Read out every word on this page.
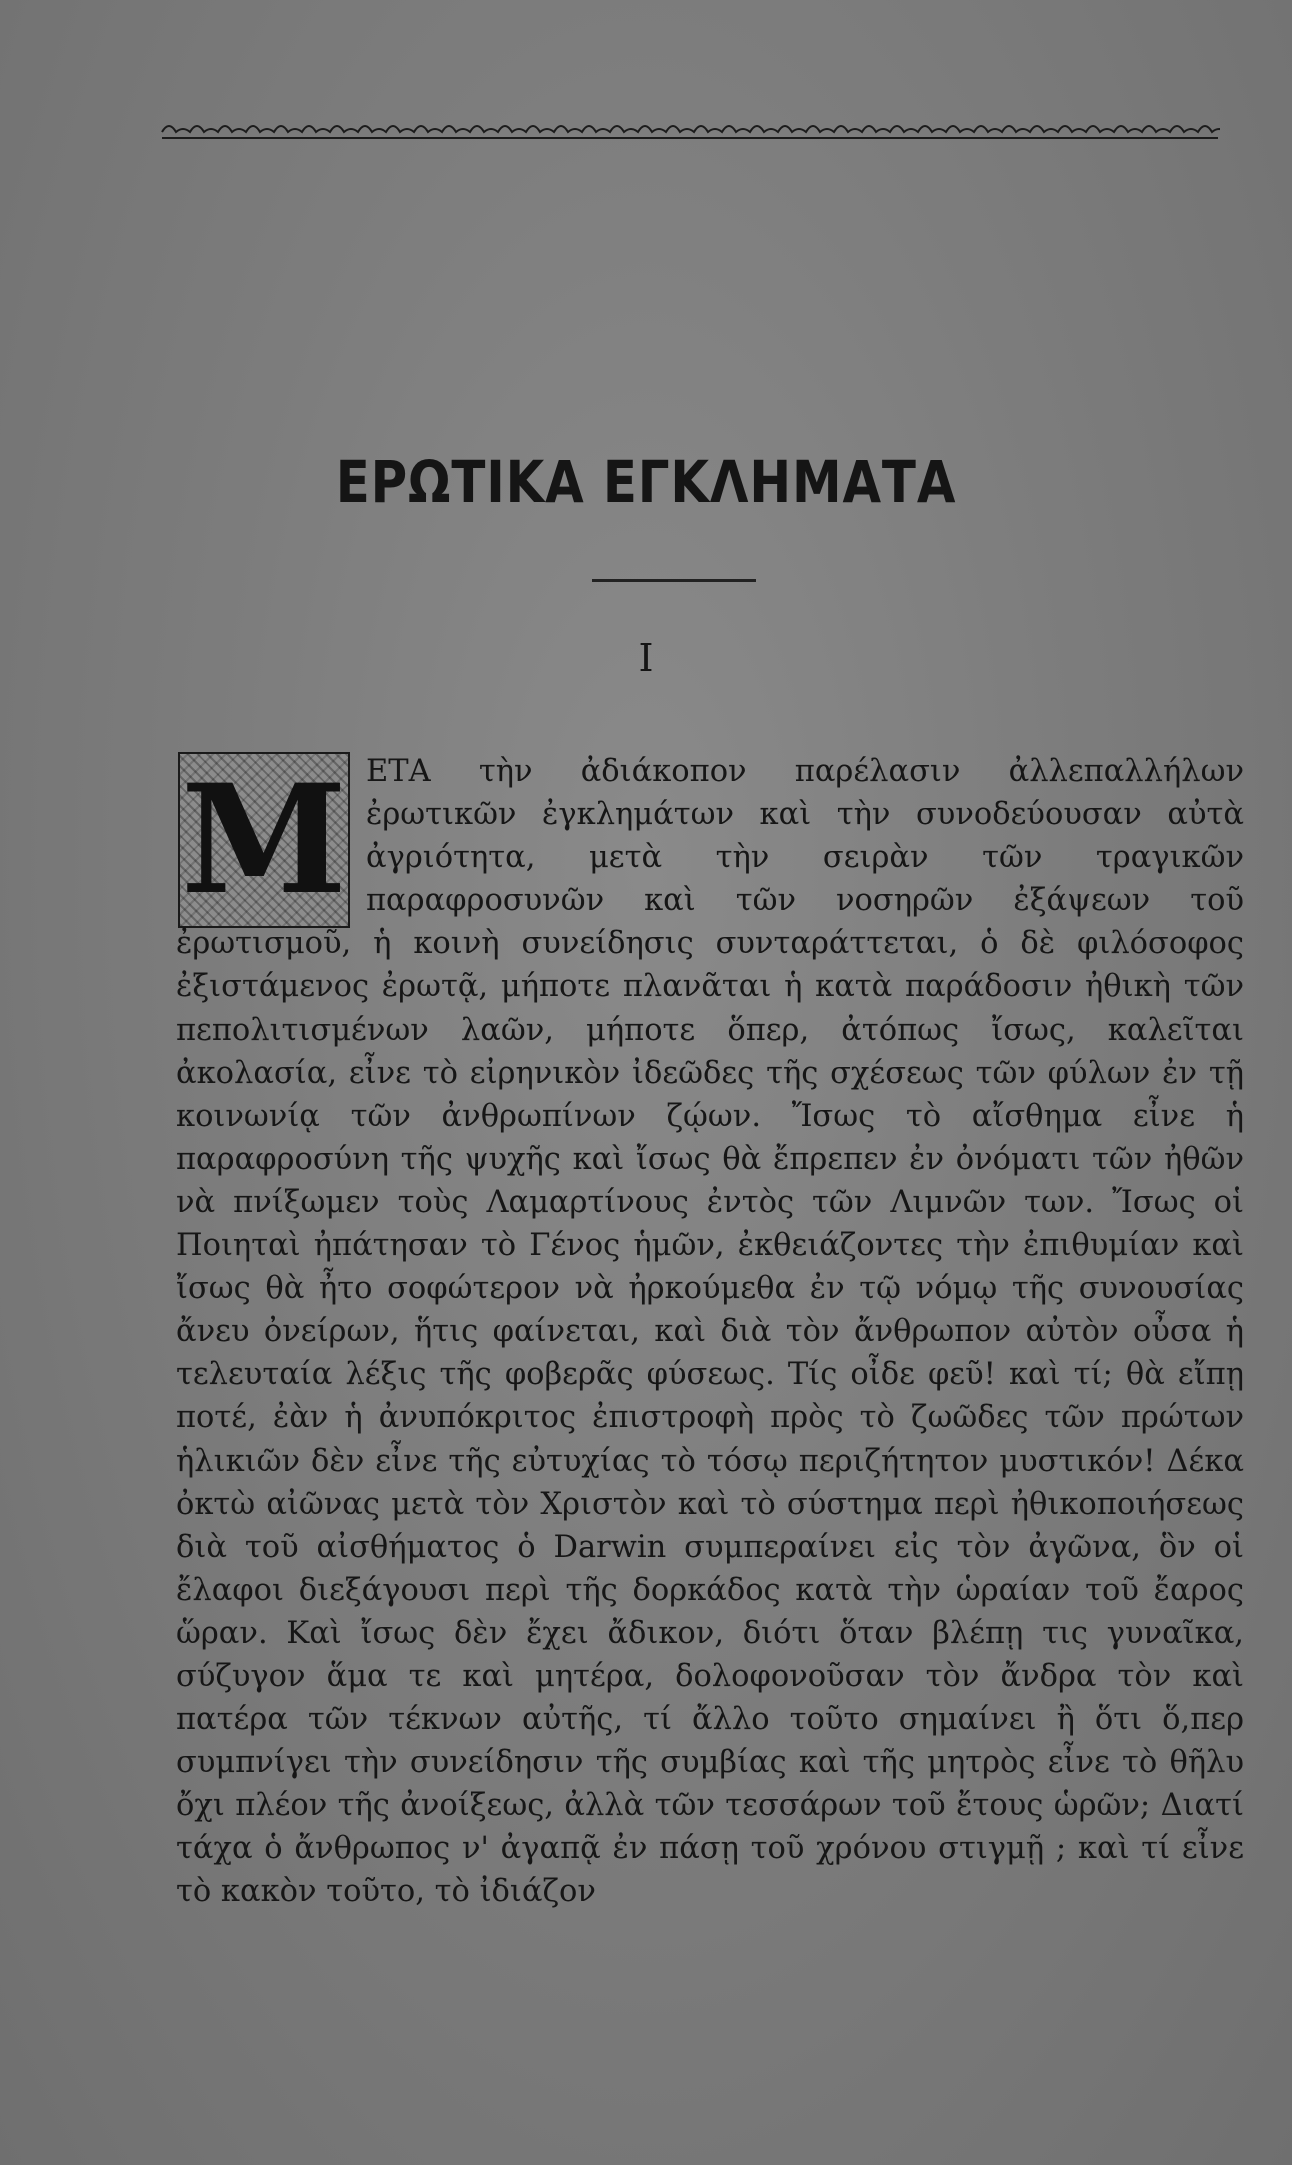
ΕΡΩΤΙΚΑ ΕΓΚΛΗΜΑΤΑ
Ι
Μ ΕΤΑ τὴν ἀδιάκοπον παρέλασιν ἀλλεπαλλήλων ἐρωτικῶν ἐγκλημάτων καὶ τὴν συνοδεύουσαν αὐτὰ ἀγριότητα, μετὰ τὴν σειρὰν τῶν τραγικῶν παραφροσυνῶν καὶ τῶν νοσηρῶν ἐξάψεων τοῦ ἐρωτισμοῦ, ἡ κοινὴ συνείδησις συνταράττεται, ὁ δὲ φιλόσοφος ἐξιστάμενος ἐρωτᾷ, μήποτε πλανᾶται ἡ κατὰ παράδοσιν ἠθικὴ τῶν πεπολιτισμένων λαῶν, μήποτε ὅπερ, ἀτόπως ἴσως, καλεῖται ἀκολασία, εἶνε τὸ εἰρηνικὸν ἰδεῶδες τῆς σχέσεως τῶν φύλων ἐν τῇ κοινωνίᾳ τῶν ἀνθρωπίνων ζῴων. Ἴσως τὸ αἴσθημα εἶνε ἡ παραφροσύνη τῆς ψυχῆς καὶ ἴσως θὰ ἔπρεπεν ἐν ὀνόματι τῶν ἠθῶν νὰ πνίξωμεν τοὺς Λαμαρτίνους ἐντὸς τῶν Λιμνῶν των. Ἴσως οἱ Ποιηταὶ ἠπάτησαν τὸ Γένος ἡμῶν, ἐκθειάζοντες τὴν ἐπιθυμίαν καὶ ἴσως θὰ ἦτο σοφώτερον νὰ ἠρκούμεθα ἐν τῷ νόμῳ τῆς συνουσίας ἄνευ ὀνείρων, ἥτις φαίνεται, καὶ διὰ τὸν ἄνθρωπον αὐτὸν οὖσα ἡ τελευταία λέξις τῆς φοβερᾶς φύσεως. Τίς οἶδε φεῦ! καὶ τί; θὰ εἴπῃ ποτέ, ἐὰν ἡ ἀνυπόκριτος ἐπιστροφὴ πρὸς τὸ ζωῶδες τῶν πρώτων ἡλικιῶν δὲν εἶνε τῆς εὐτυχίας τὸ τόσῳ περιζήτητον μυστικόν! Δέκα ὀκτὼ αἰῶνας μετὰ τὸν Χριστὸν καὶ τὸ σύστημα περὶ ἠθικοποιήσεως διὰ τοῦ αἰσθήματος ὁ Darwin συμπεραίνει εἰς τὸν ἀγῶνα, ὃν οἱ ἔλαφοι διεξάγουσι περὶ τῆς δορκάδος κατὰ τὴν ὡραίαν τοῦ ἔαρος ὥραν. Καὶ ἴσως δὲν ἔχει ἄδικον, διότι ὅταν βλέπῃ τις γυναῖκα, σύζυγον ἅμα τε καὶ μητέρα, δολοφονοῦσαν τὸν ἄνδρα τὸν καὶ πατέρα τῶν τέκνων αὐτῆς, τί ἄλλο τοῦτο σημαίνει ἢ ὅτι ὅ,περ συμπνίγει τὴν συνείδησιν τῆς συμβίας καὶ τῆς μητρὸς εἶνε τὸ θῆλυ ὄχι πλέον τῆς ἀνοίξεως, ἀλλὰ τῶν τεσσάρων τοῦ ἔτους ὡρῶν; Διατί τάχα ὁ ἄνθρωπος ν' ἀγαπᾷ ἐν πάσῃ τοῦ χρόνου στιγμῇ ; καὶ τί εἶνε τὸ κακὸν τοῦτο, τὸ ἰδιάζον
